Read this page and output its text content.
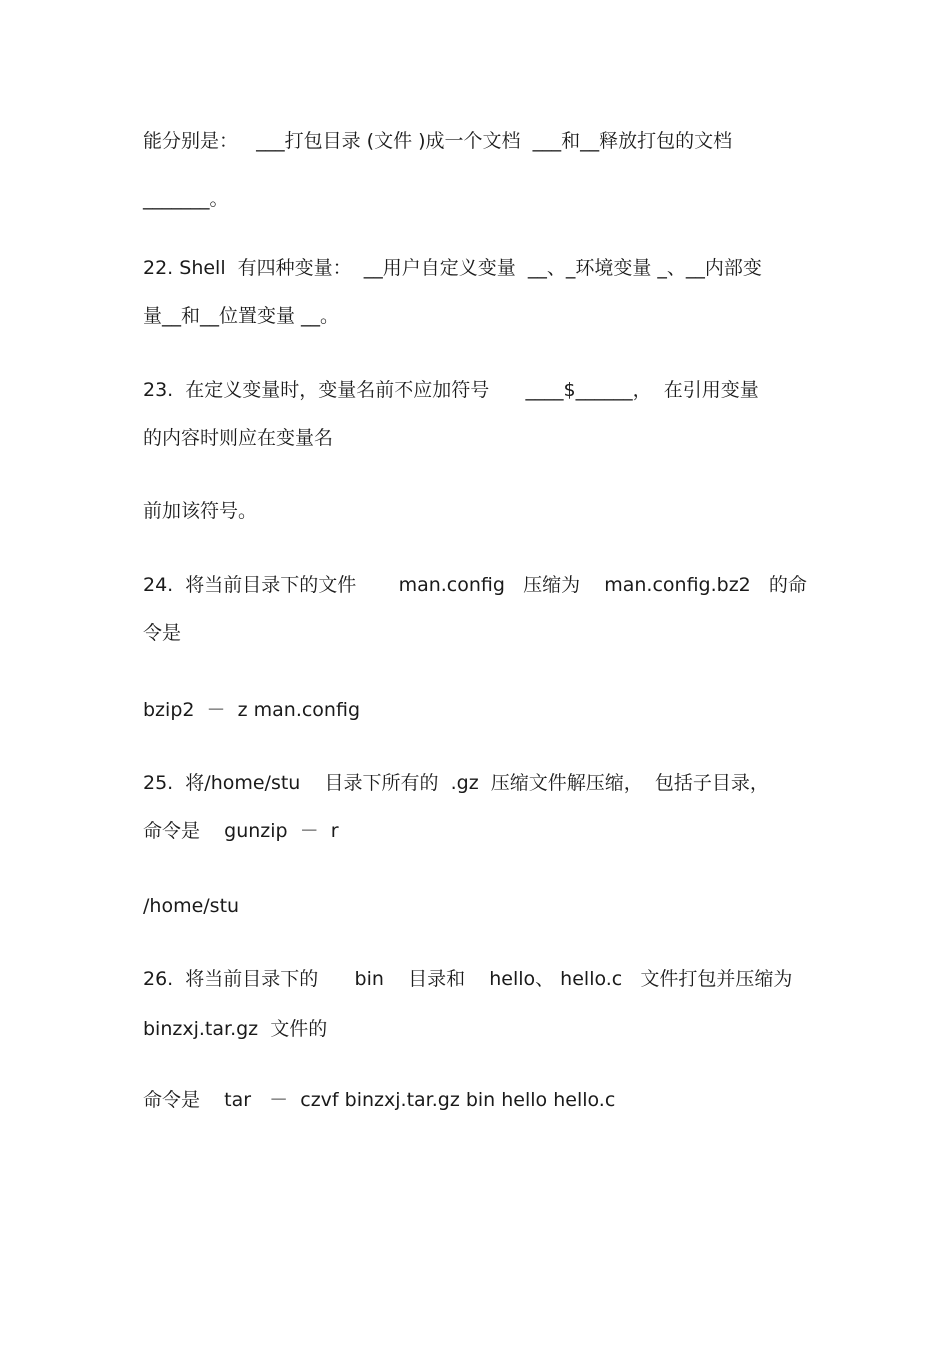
能分别是：   ___打包目录 (文件 )成一个文档  ___和__释放打包的文档

_______。

22. Shell  有四种变量：  __用户自定义变量  __、_环境变量 _、__内部变

量__和__位置变量 __。

23.  在定义变量时，变量名前不应加符号      ____$______，  在引用变量

的内容时则应在变量名

前加该符号。

24.  将当前目录下的文件       man.config   压缩为    man.config.bz2   的命

令是

bzip2  －  z man.config

25.  将/home/stu    目录下所有的  .gz  压缩文件解压缩，  包括子目录，

命令是    gunzip  －  r

/home/stu

26.  将当前目录下的      bin    目录和    hello、 hello.c   文件打包并压缩为

binzxj.tar.gz  文件的

命令是    tar   －  czvf binzxj.tar.gz bin hello hello.c
